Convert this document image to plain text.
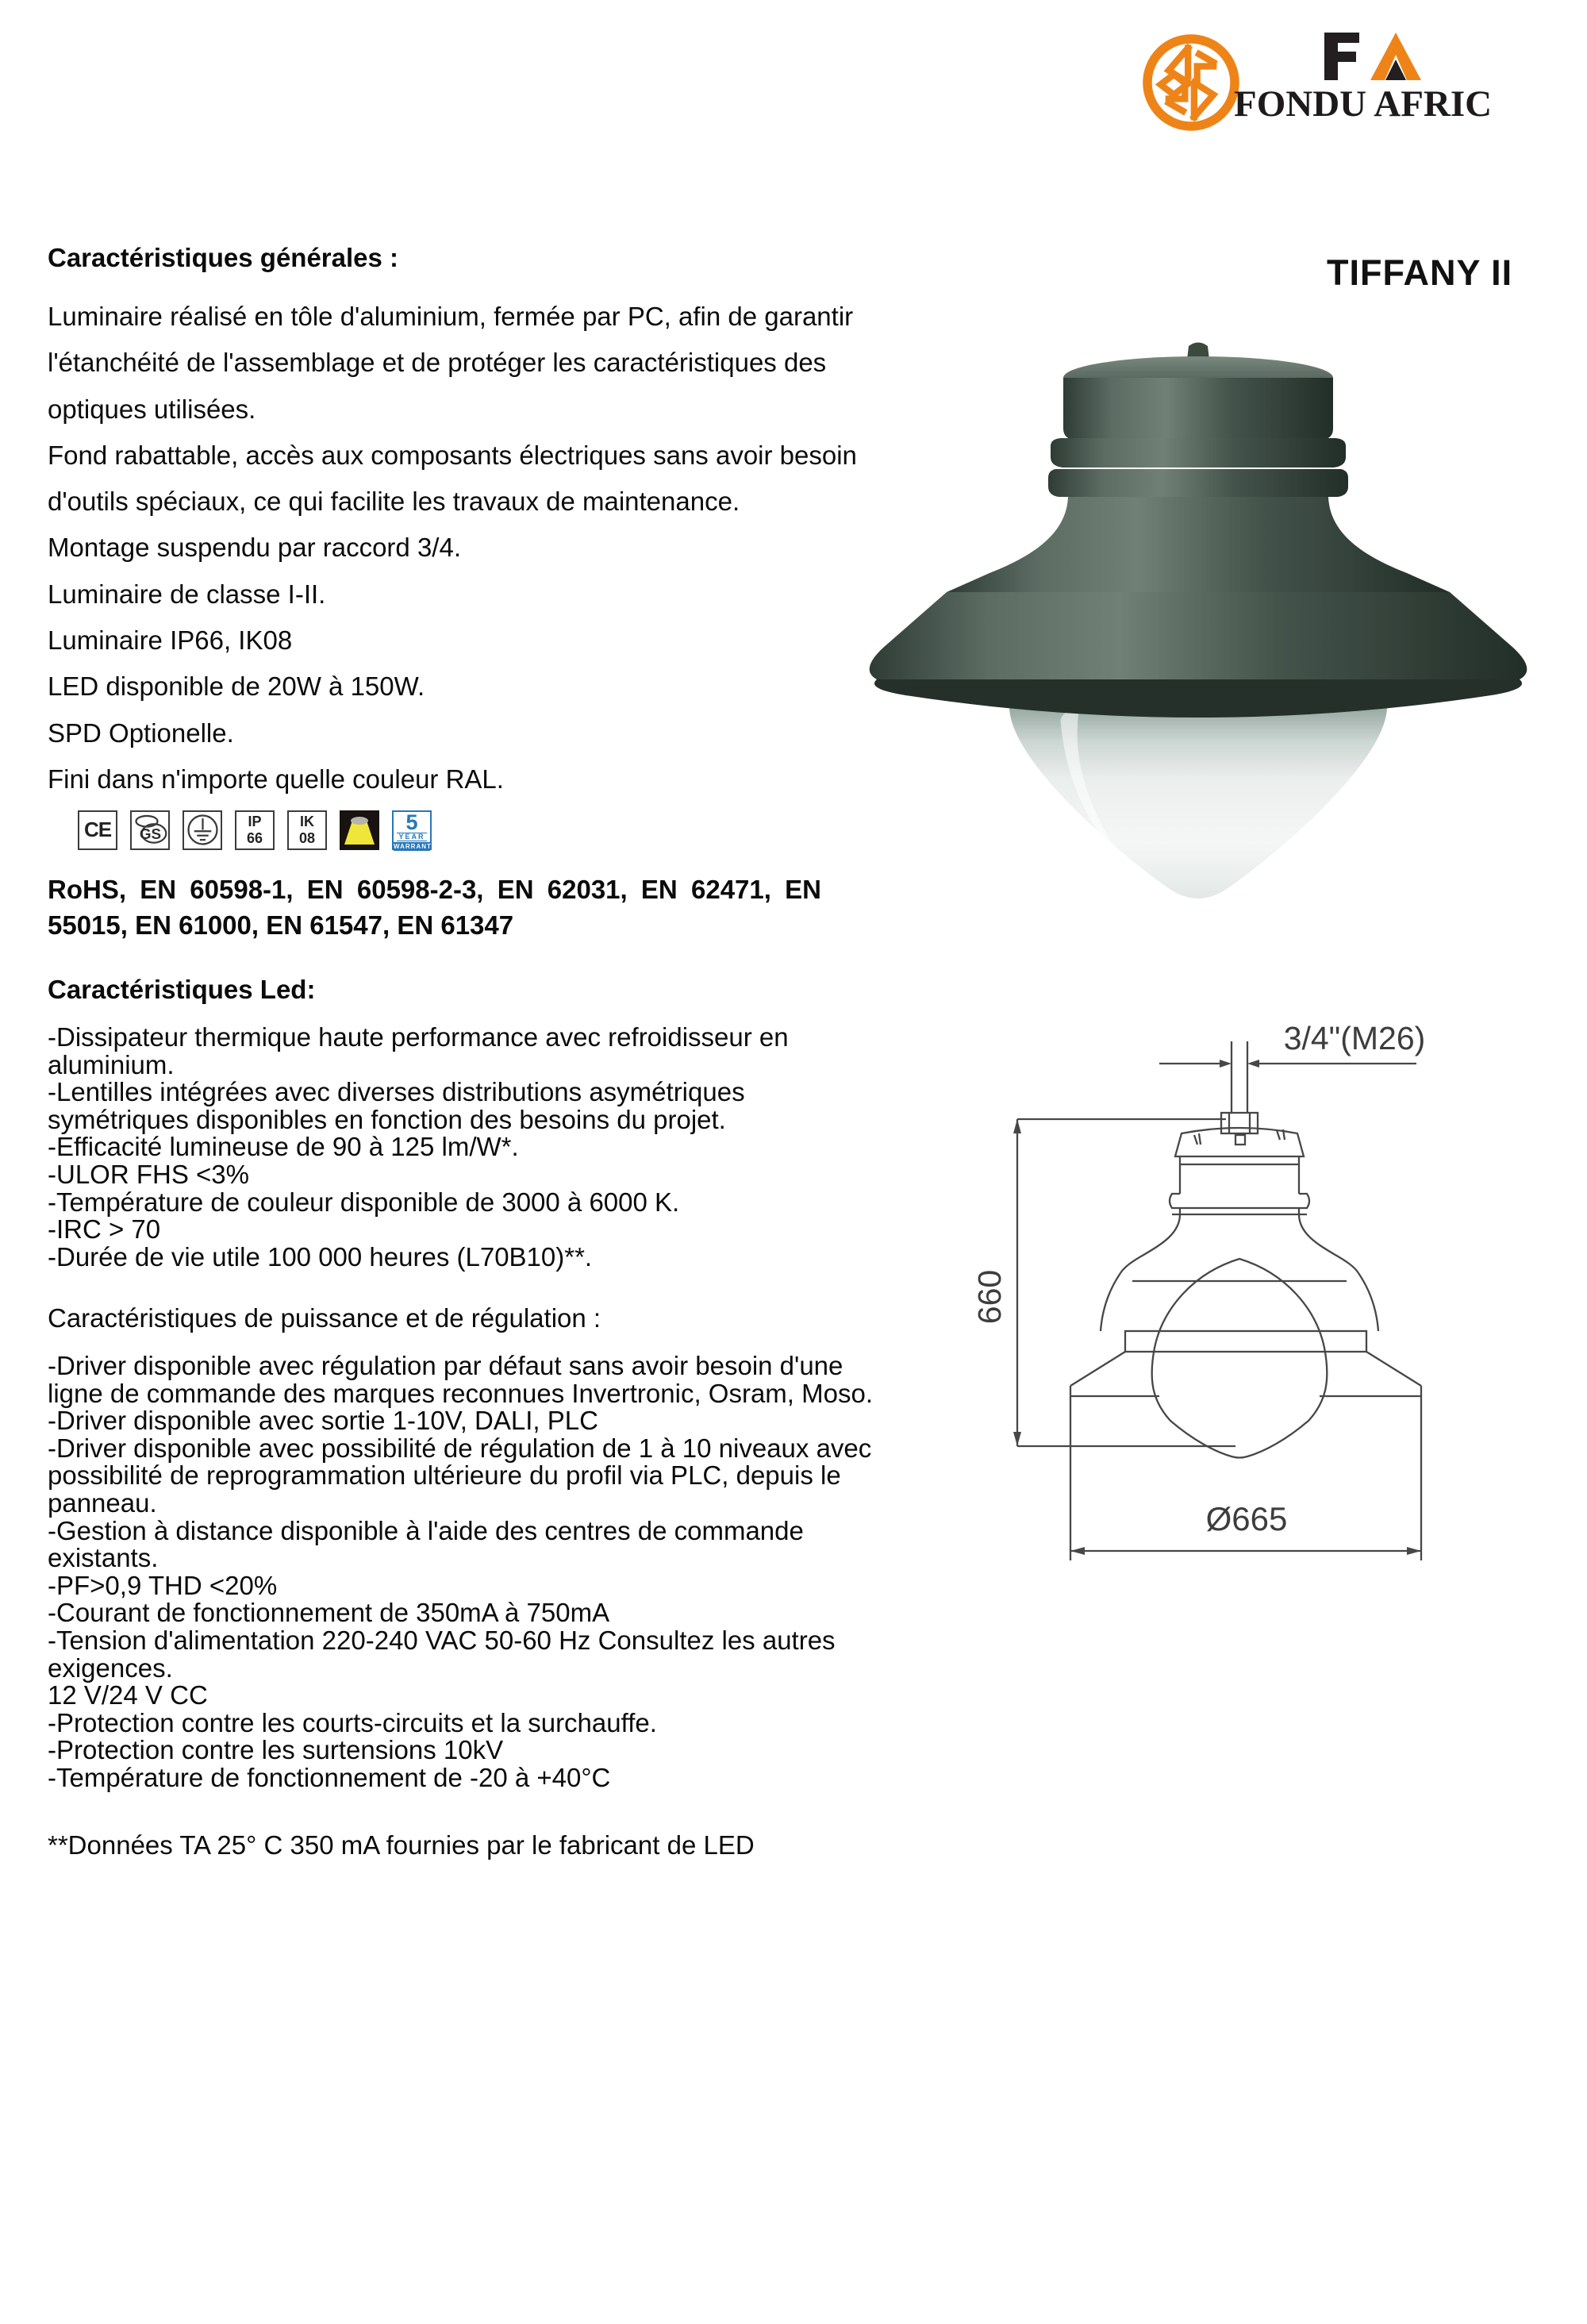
FONDU AFRIC
TIFFANY II
Caractéristiques générales :
Luminaire réalisé en tôle d'aluminium, fermée par PC, afin de garantir
l'étanchéité de l'assemblage et de protéger les caractéristiques des
optiques utilisées.
Fond rabattable, accès aux composants électriques sans avoir besoin
d'outils spéciaux, ce qui facilite les travaux de maintenance.
Montage suspendu par raccord 3/4.
Luminaire de classe I-II.
Luminaire IP66, IK08
LED disponible de 20W à 150W.
SPD Optionelle.
Fini dans n'importe quelle couleur RAL.
CE GS
IP
66
IK
08
5
YEAR
WARRANTY
RoHS, EN 60598-1, EN 60598-2-3, EN 62031, EN 62471, EN
55015, EN 61000, EN 61547, EN 61347
Caractéristiques Led:
-Dissipateur thermique haute performance avec refroidisseur en
aluminium.
-Lentilles intégrées avec diverses distributions asymétriques
symétriques disponibles en fonction des besoins du projet.
-Efficacité lumineuse de 90 à 125 lm/W*.
-ULOR FHS <3%
-Température de couleur disponible de 3000 à 6000 K.
-IRC > 70
-Durée de vie utile 100 000 heures (L70B10)**.
Caractéristiques de puissance et de régulation :
-Driver disponible avec régulation par défaut sans avoir besoin d'une
ligne de commande des marques reconnues Invertronic, Osram, Moso.
-Driver disponible avec sortie 1-10V, DALI, PLC
-Driver disponible avec possibilité de régulation de 1 à 10 niveaux avec
possibilité de reprogrammation ultérieure du profil via PLC, depuis le
panneau.
-Gestion à distance disponible à l'aide des centres de commande
existants.
-PF>0,9 THD <20%
-Courant de fonctionnement de 350mA à 750mA
-Tension d'alimentation 220-240 VAC 50-60 Hz Consultez les autres
exigences.
12 V/24 V CC
-Protection contre les courts-circuits et la surchauffe.
-Protection contre les surtensions 10kV
-Température de fonctionnement de -20 à +40°C
**Données TA 25° C 350 mA fournies par le fabricant de LED
3/4"(M26)
660
Ø665
